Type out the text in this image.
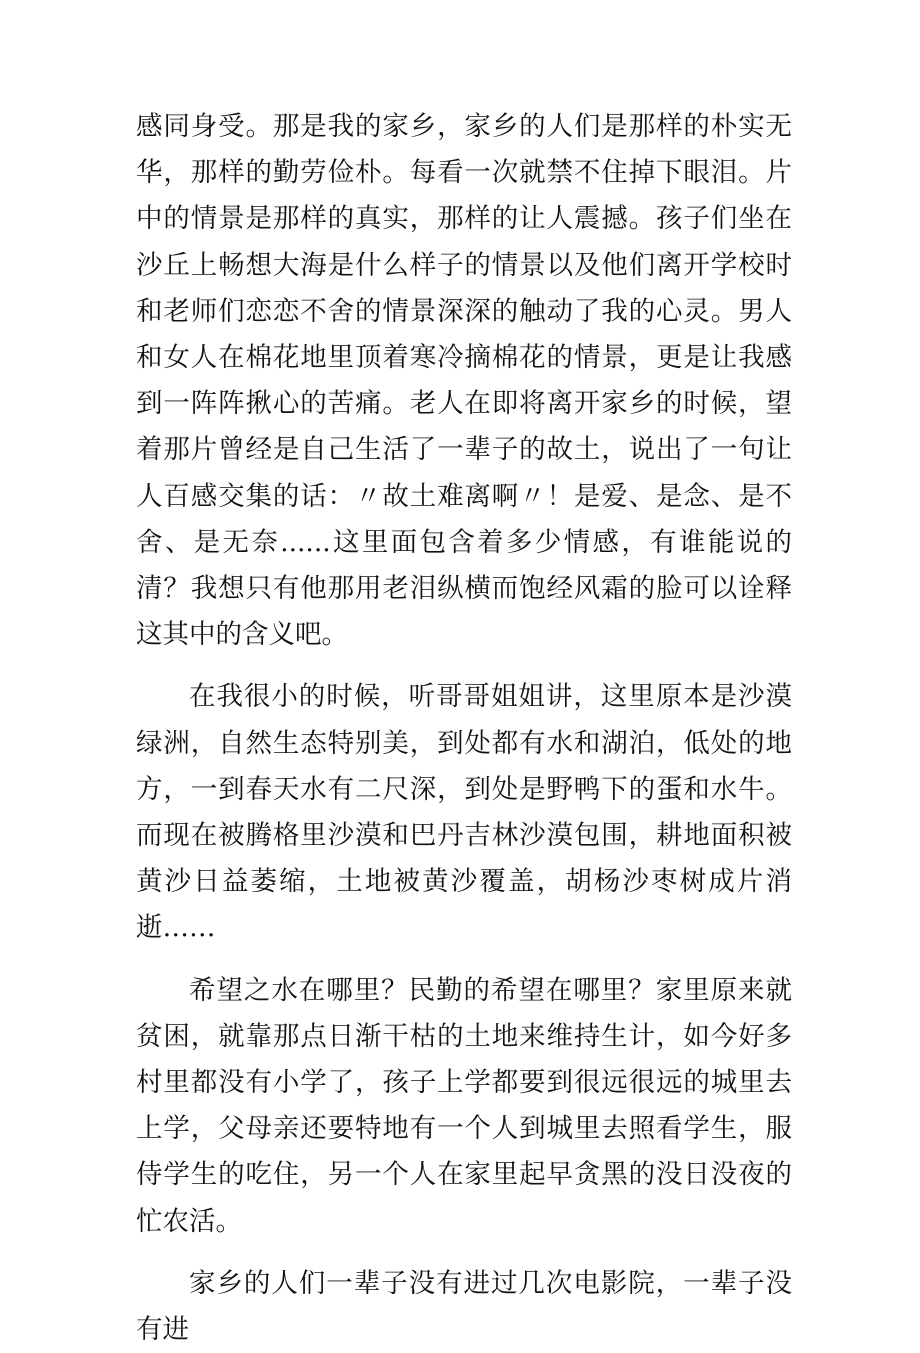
感同身受。那是我的家乡，家乡的人们是那样的朴实无华，那样的勤劳俭朴。每看一次就禁不住掉下眼泪。片中的情景是那样的真实，那样的让人震撼。孩子们坐在沙丘上畅想大海是什么样子的情景以及他们离开学校时和老师们恋恋不舍的情景深深的触动了我的心灵。男人和女人在棉花地里顶着寒冷摘棉花的情景，更是让我感到一阵阵揪心的苦痛。老人在即将离开家乡的时候，望着那片曾经是自己生活了一辈子的故土，说出了一句让人百感交集的话：〃故土难离啊〃！是爱、是念、是不舍、是无奈......这里面包含着多少情感，有谁能说的清？我想只有他那用老泪纵横而饱经风霜的脸可以诠释这其中的含义吧。

在我很小的时候，听哥哥姐姐讲，这里原本是沙漠绿洲，自然生态特别美，到处都有水和湖泊，低处的地方，一到春天水有二尺深，到处是野鸭下的蛋和水牛。而现在被腾格里沙漠和巴丹吉林沙漠包围，耕地面积被黄沙日益萎缩，土地被黄沙覆盖，胡杨沙枣树成片消逝……

希望之水在哪里？民勤的希望在哪里？家里原来就贫困，就靠那点日渐干枯的土地来维持生计，如今好多村里都没有小学了，孩子上学都要到很远很远的城里去上学，父母亲还要特地有一个人到城里去照看学生，服侍学生的吃住，另一个人在家里起早贪黑的没日没夜的忙农活。

家乡的人们一辈子没有进过几次电影院，一辈子没有进
